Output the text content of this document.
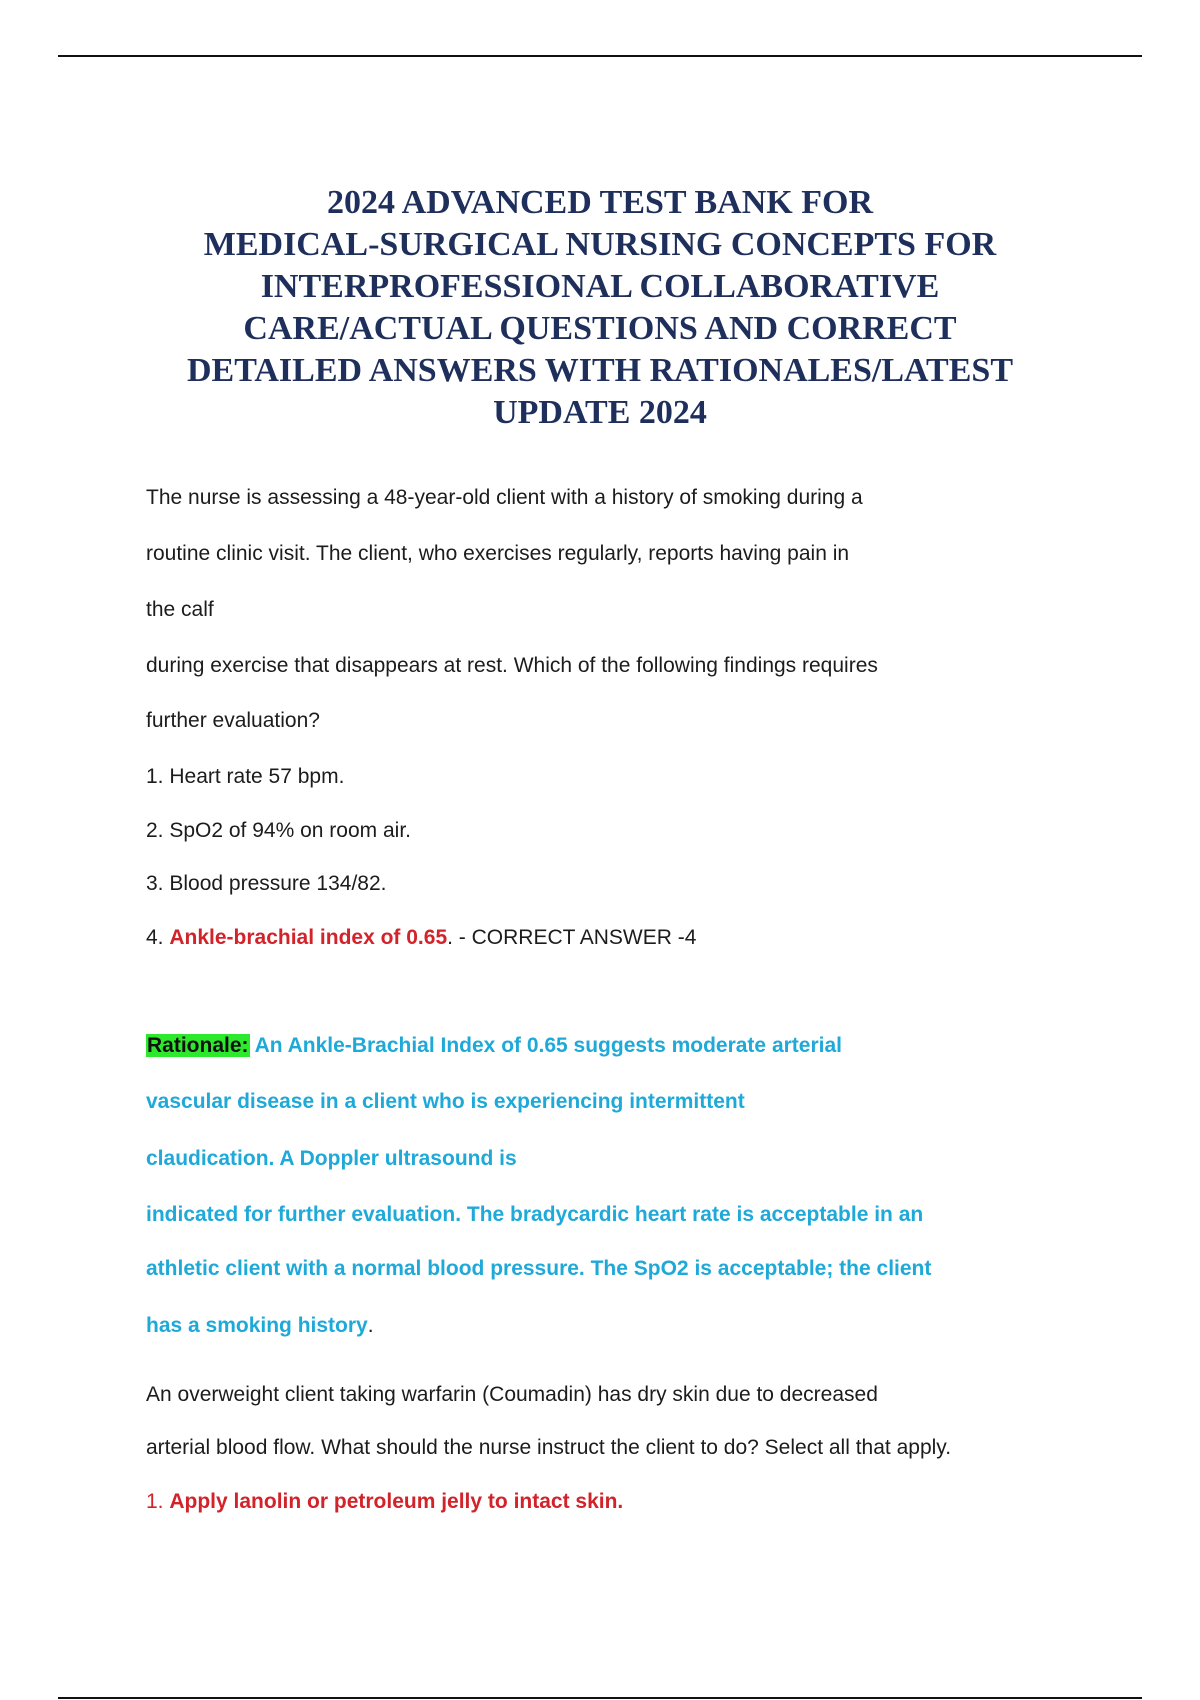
2024 ADVANCED TEST BANK FOR
MEDICAL-SURGICAL NURSING CONCEPTS FOR
INTERPROFESSIONAL COLLABORATIVE
CARE/ACTUAL QUESTIONS AND CORRECT
DETAILED ANSWERS WITH RATIONALES/LATEST
UPDATE 2024
The nurse is assessing a 48-year-old client with a history of smoking during a
routine clinic visit. The client, who exercises regularly, reports having pain in
the calf
during exercise that disappears at rest. Which of the following findings requires
further evaluation?
1. Heart rate 57 bpm.
2. SpO2 of 94% on room air.
3. Blood pressure 134/82.
4. Ankle-brachial index of 0.65. - CORRECT ANSWER -4
Rationale: An Ankle-Brachial Index of 0.65 suggests moderate arterial
vascular disease in a client who is experiencing intermittent
claudication. A Doppler ultrasound is
indicated for further evaluation. The bradycardic heart rate is acceptable in an
athletic client with a normal blood pressure. The SpO2 is acceptable; the client
has a smoking history.
An overweight client taking warfarin (Coumadin) has dry skin due to decreased
arterial blood flow. What should the nurse instruct the client to do? Select all that apply.
1. Apply lanolin or petroleum jelly to intact skin.
